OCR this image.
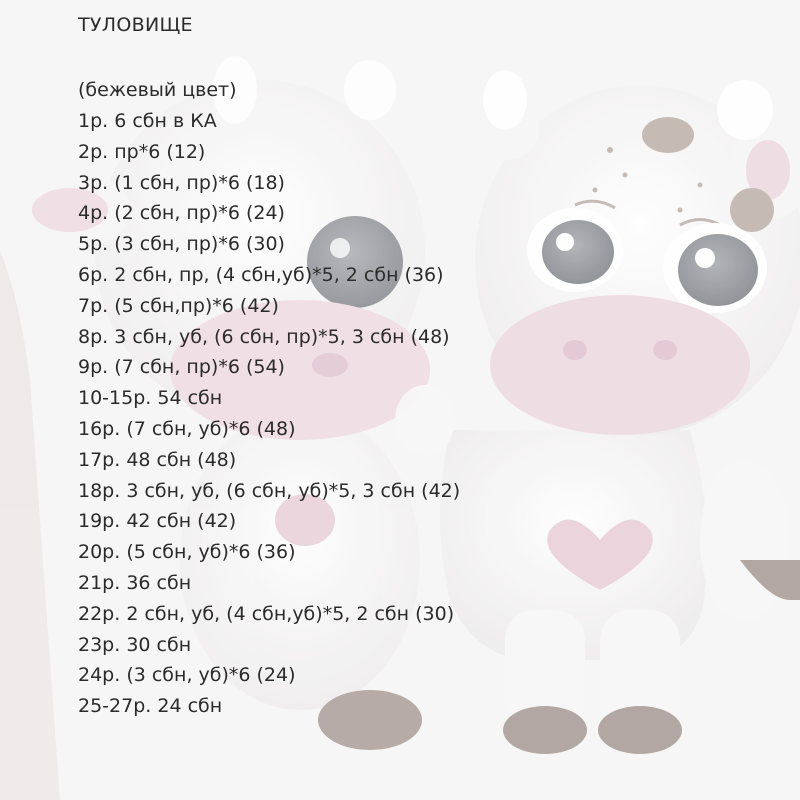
ТУЛОВИЩЕ
(бежевый цвет)
1р. 6 сбн в КА
2р. пр*6 (12)
3р. (1 сбн, пр)*6 (18)
4р. (2 сбн, пр)*6 (24)
5р. (3 сбн, пр)*6 (30)
6р. 2 сбн, пр, (4 сбн,уб)*5, 2 сбн (36)
7р. (5 сбн,пр)*6 (42)
8р. 3 сбн, уб, (6 сбн, пр)*5, 3 сбн (48)
9р. (7 сбн, пр)*6 (54)
10-15р. 54 сбн
16р. (7 сбн, уб)*6 (48)
17р. 48 сбн (48)
18р. 3 сбн, уб, (6 сбн, уб)*5, 3 сбн (42)
19р. 42 сбн (42)
20р. (5 сбн, уб)*6 (36)
21р. 36 сбн
22р. 2 сбн, уб, (4 сбн,уб)*5, 2 сбн (30)
23р. 30 сбн
24р. (3 сбн, уб)*6 (24)
25-27р. 24 сбн
